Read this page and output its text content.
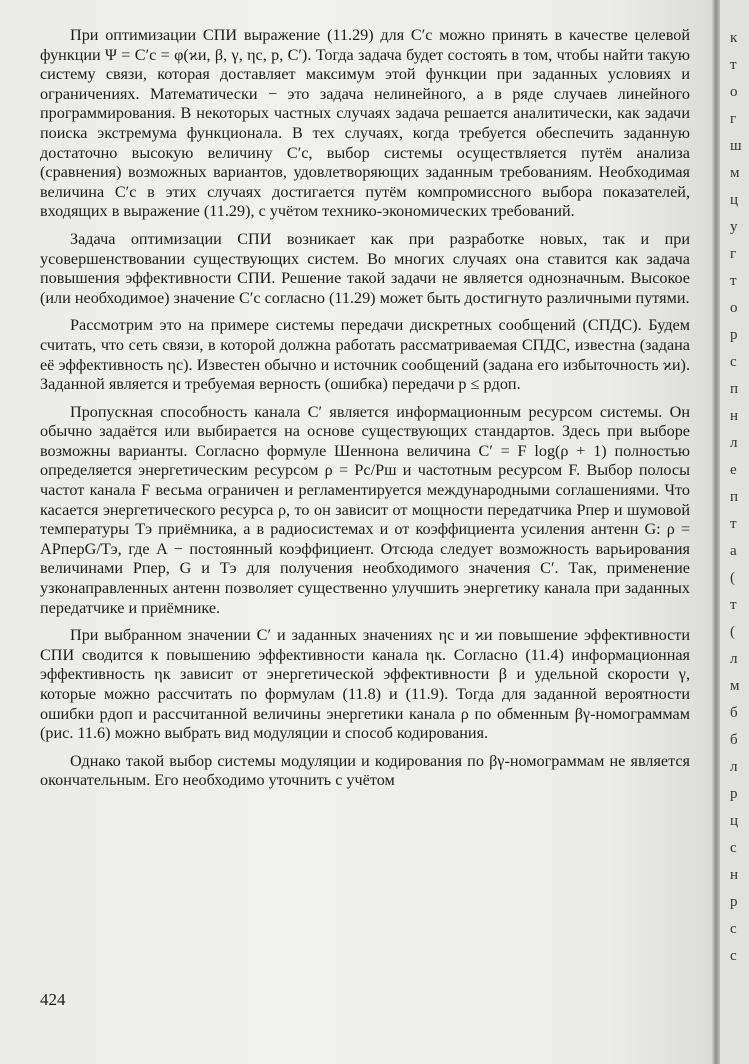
При оптимизации СПИ выражение (11.29) для C′с можно принять в качестве целевой функции Ψ = C′с = φ(ϰи, β, γ, ηс, p, C′). Тогда задача будет состоять в том, чтобы найти такую систему связи, которая доставляет максимум этой функции при заданных условиях и ограничениях. Математически − это задача нелинейного, а в ряде случаев линейного программирования. В некоторых частных случаях задача решается аналитически, как задачи поиска экстремума функционала. В тех случаях, когда требуется обеспечить заданную достаточно высокую величину C′с, выбор системы осуществляется путём анализа (сравнения) возможных вариантов, удовлетворяющих заданным требованиям. Необходимая величина C′с в этих случаях достигается путём компромиссного выбора показателей, входящих в выражение (11.29), с учётом технико-экономических требований.

Задача оптимизации СПИ возникает как при разработке новых, так и при усовершенствовании существующих систем. Во многих случаях она ставится как задача повышения эффективности СПИ. Решение такой задачи не является однозначным. Высокое (или необходимое) значение C′с согласно (11.29) может быть достигнуто различными путями.

Рассмотрим это на примере системы передачи дискретных сообщений (СПДС). Будем считать, что сеть связи, в которой должна работать рассматриваемая СПДС, известна (задана её эффективность ηс). Известен обычно и источник сообщений (задана его избыточность ϰи). Заданной является и требуемая верность (ошибка) передачи p ≤ pдоп.

Пропускная способность канала C′ является информационным ресурсом системы. Он обычно задаётся или выбирается на основе существующих стандартов. Здесь при выборе возможны варианты. Согласно формуле Шеннона величина C′ = F log(ρ + 1) полностью определяется энергетическим ресурсом ρ = Pс/Pш и частотным ресурсом F. Выбор полосы частот канала F весьма ограничен и регламентируется международными соглашениями. Что касается энергетического ресурса ρ, то он зависит от мощности передатчика Pпер и шумовой температуры Tэ приёмника, а в радиосистемах и от коэффициента усиления антенн G: ρ = APперG/Tэ, где A − постоянный коэффициент. Отсюда следует возможность варьирования величинами Pпер, G и Tэ для получения необходимого значения C′. Так, применение узконаправленных антенн позволяет существенно улучшить энергетику канала при заданных передатчике и приёмнике.

При выбранном значении C′ и заданных значениях ηс и ϰи повышение эффективности СПИ сводится к повышению эффективности канала ηк. Согласно (11.4) информационная эффективность ηк зависит от энергетической эффективности β и удельной скорости γ, которые можно рассчитать по формулам (11.8) и (11.9). Тогда для заданной вероятности ошибки pдоп и рассчитанной величины энергетики канала ρ по обменным βγ-номограммам (рис. 11.6) можно выбрать вид модуляции и способ кодирования.

Однако такой выбор системы модуляции и кодирования по βγ-номограммам не является окончательным. Его необходимо уточнить с учётом

424
к
т
о
г
ш
м
ц
у
г
т
о
р
с
п
н
л
е
п
т
а
(
т
(
л
м
б
б
л
р
ц
с
н
р
с
с
